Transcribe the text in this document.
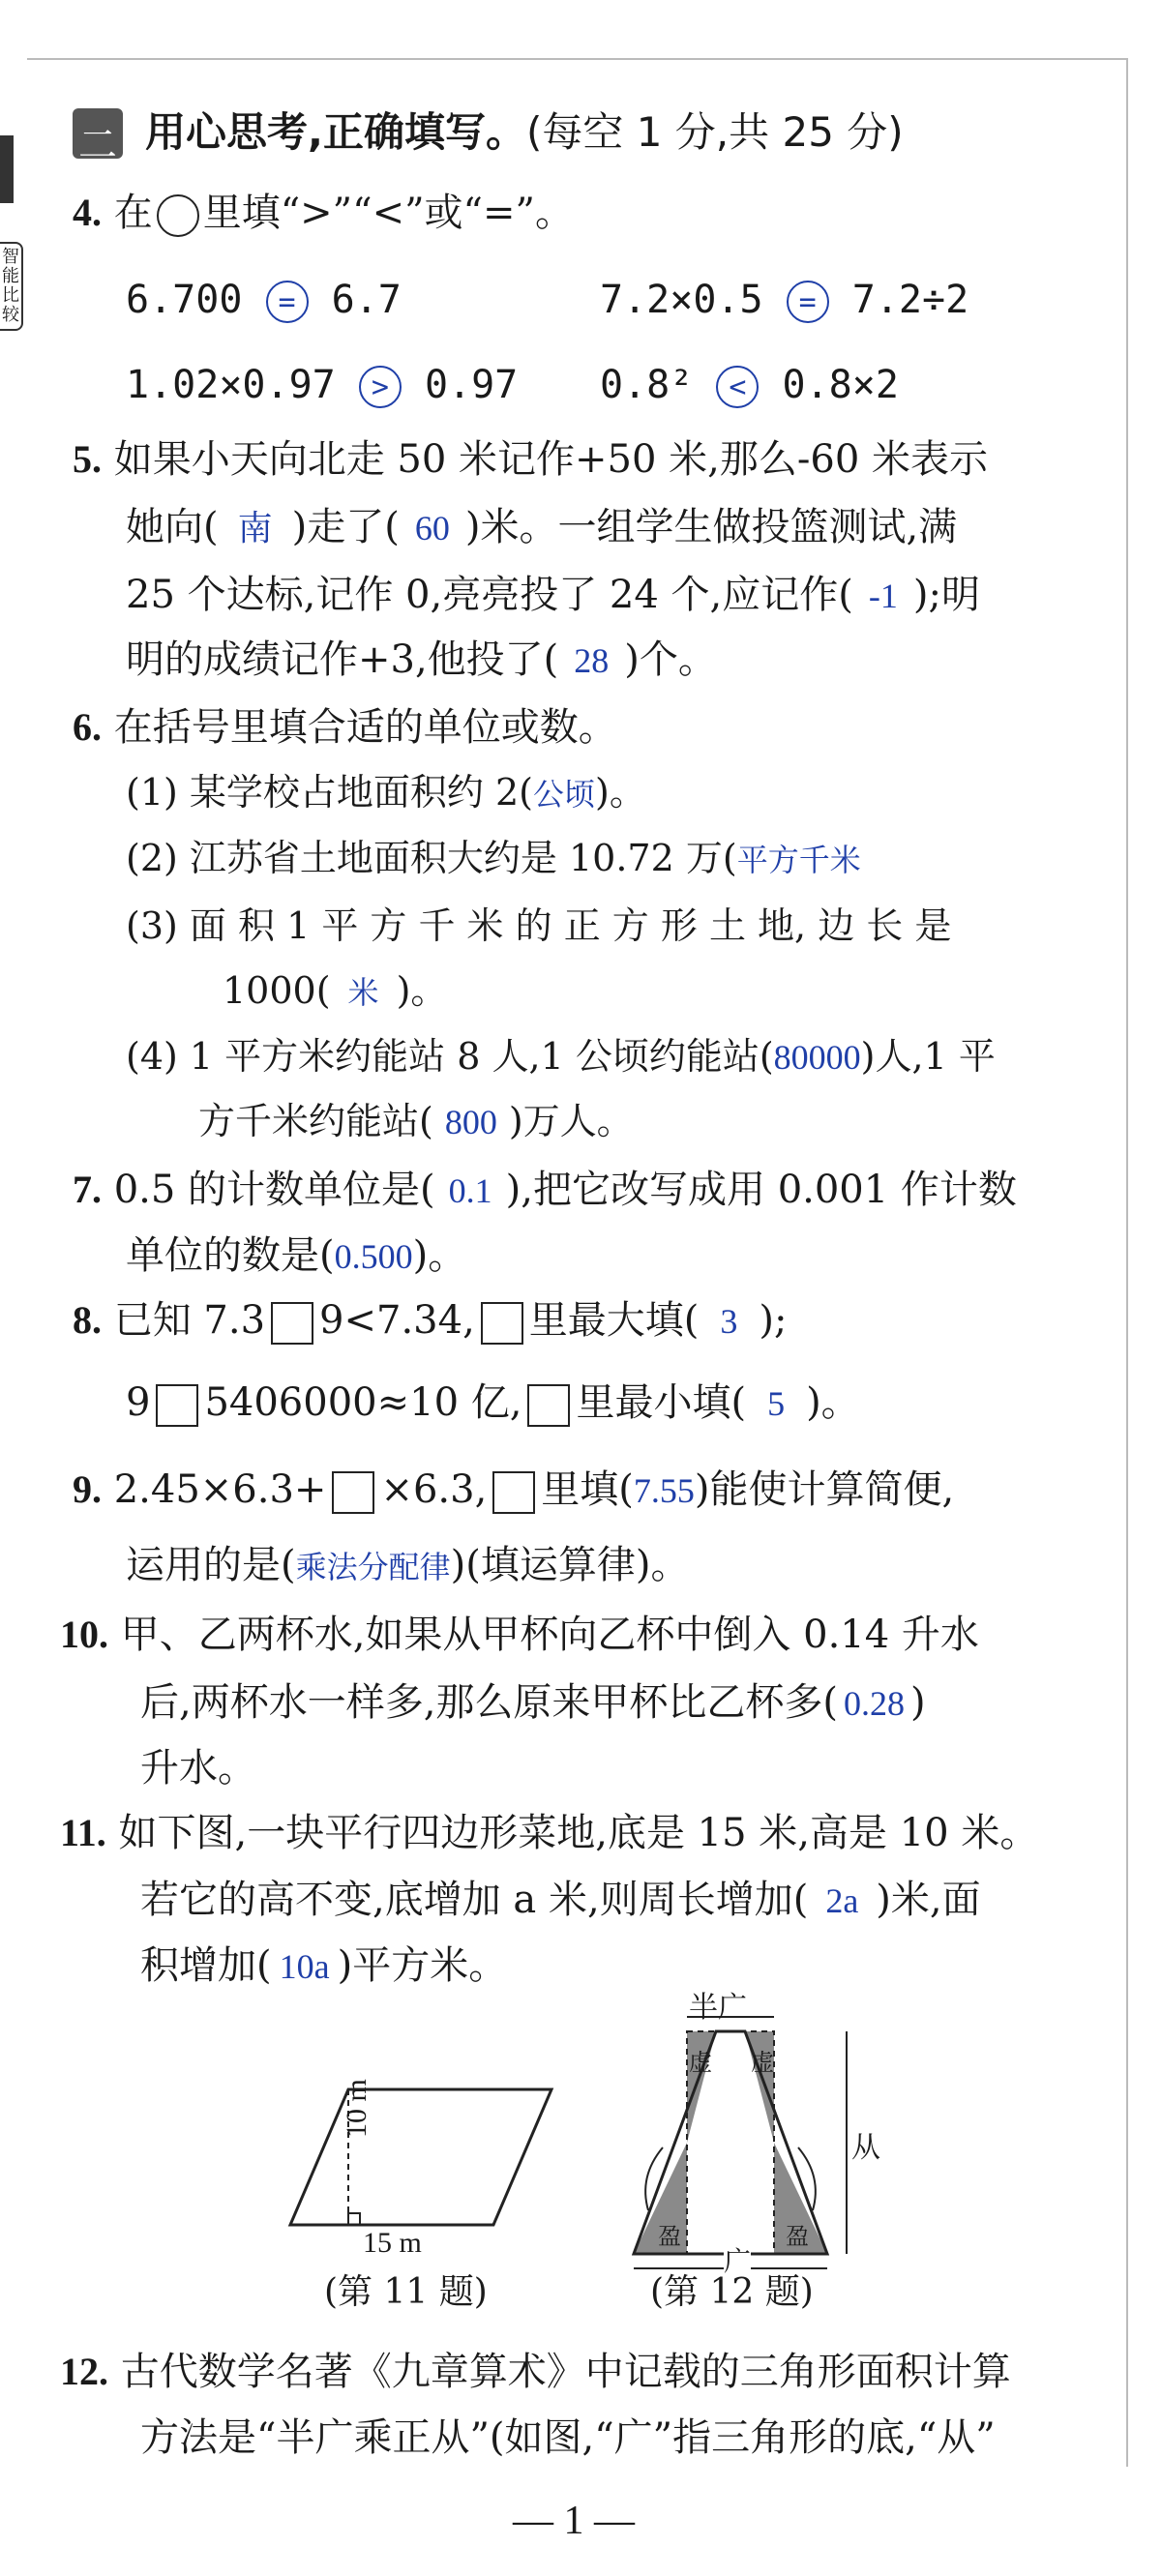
智能比较
二 用心思考,正确填写。(每空 1 分,共 25 分)
4. 在 里填“>”“<”或“=”。
6.700 = 6.7	7.2×0.5 = 7.2÷2
1.02×0.97 > 0.97 0.8² < 0.8×2
5. 如果小天向北走 50 米记作+50 米,那么-60 米表示
她向( 南 )走了( 60 )米。一组学生做投篮测试,满
25 个达标,记作 0,亮亮投了 24 个,应记作( -1 );明
明的成绩记作+3,他投了( 28 )个。
6. 在括号里填合适的单位或数。
(1) 某学校占地面积约 2(公顷)。
(2) 江苏省土地面积大约是 10.72 万(平方千米
(3) 面 积 1 平 方 千 米 的 正 方 形 土 地, 边 长 是
1000( 米 )。
(4) 1 平方米约能站 8 人,1 公顷约能站(80000)人,1 平
方千米约能站( 800 )万人。
7. 0.5 的计数单位是( 0.1 ),把它改写成用 0.001 作计数
单位的数是(0.500)。
8. 已知 7.3 9<7.34, 里最大填( 3 );
9 5406000≈10 亿, 里最小填( 5 )。
9. 2.45×6.3+ ×6.3, 里填(7.55)能使计算简便,
运用的是(乘法分配律)(填运算律)。
10. 甲、乙两杯水,如果从甲杯向乙杯中倒入 0.14 升水
后,两杯水一样多,那么原来甲杯比乙杯多( 0.28 )
升水。
11. 如下图,一块平行四边形菜地,底是 15 米,高是 10 米。
若它的高不变,底增加 a 米,则周长增加( 2a )米,面
积增加( 10a )平方米。
10 m
15 m
(第 11 题)
半广
从
广
虚 虚
盈	盈
(第 12 题)
12. 古代数学名著《九章算术》中记载的三角形面积计算
方法是“半广乘正从”(如图,“广”指三角形的底,“从”
— 1 —
